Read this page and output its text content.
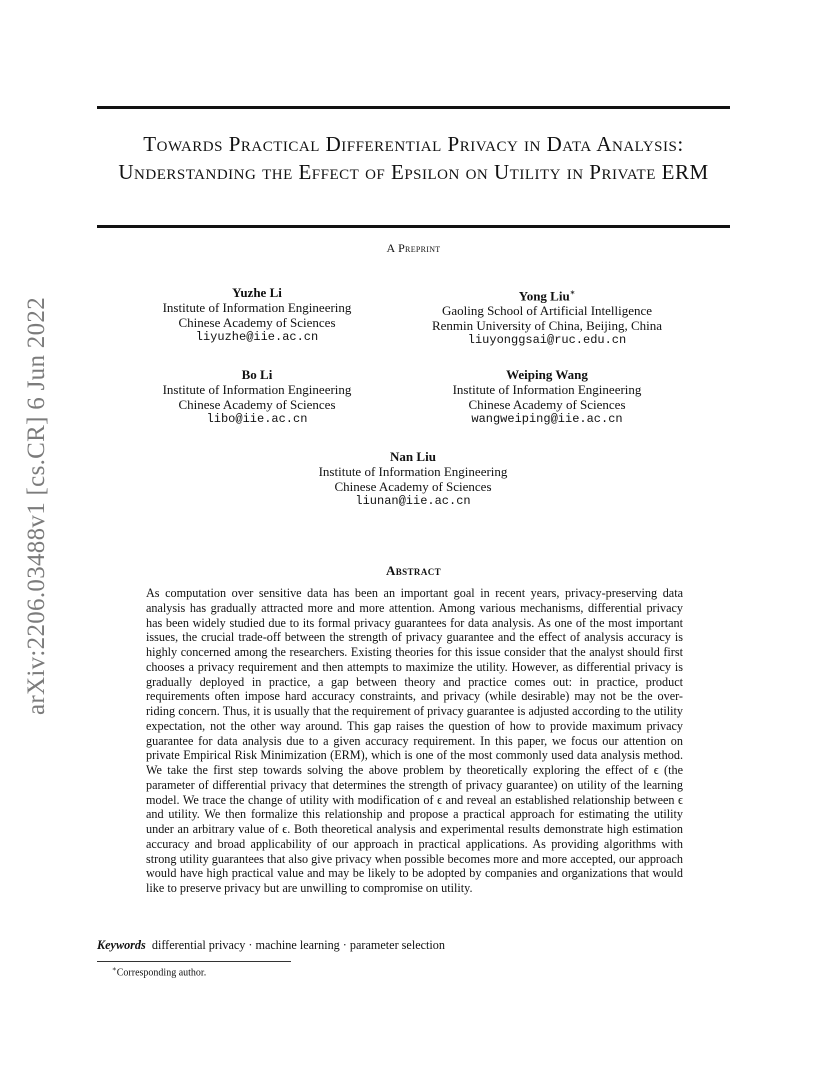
arXiv:2206.03488v1 [cs.CR] 6 Jun 2022
Towards Practical Differential Privacy in Data Analysis: Understanding the Effect of Epsilon on Utility in Private ERM
A Preprint
Yuzhe Li
Institute of Information Engineering
Chinese Academy of Sciences
liyuzhe@iie.ac.cn
Yong Liu∗
Gaoling School of Artificial Intelligence
Renmin University of China, Beijing, China
liuyonggsai@ruc.edu.cn
Bo Li
Institute of Information Engineering
Chinese Academy of Sciences
libo@iie.ac.cn
Weiping Wang
Institute of Information Engineering
Chinese Academy of Sciences
wangweiping@iie.ac.cn
Nan Liu
Institute of Information Engineering
Chinese Academy of Sciences
liunan@iie.ac.cn
Abstract

As computation over sensitive data has been an important goal in recent years, privacy-preserving data analysis has gradually attracted more and more attention. Among various mechanisms, differential privacy has been widely studied due to its formal privacy guarantees for data analysis. As one of the most important issues, the crucial trade-off between the strength of privacy guarantee and the effect of analysis accuracy is highly concerned among the researchers. Existing theories for this issue consider that the analyst should first chooses a privacy requirement and then attempts to maximize the utility. However, as differential privacy is gradually deployed in practice, a gap between theory and practice comes out: in practice, product requirements often impose hard accuracy constraints, and privacy (while desirable) may not be the over-riding concern. Thus, it is usually that the requirement of privacy guarantee is adjusted according to the utility expectation, not the other way around. This gap raises the question of how to provide maximum privacy guarantee for data analysis due to a given accuracy requirement. In this paper, we focus our attention on private Empirical Risk Minimization (ERM), which is one of the most commonly used data analysis method. We take the first step towards solving the above problem by theoretically exploring the effect of ϵ (the parameter of differential privacy that determines the strength of privacy guarantee) on utility of the learning model. We trace the change of utility with modification of ϵ and reveal an established relationship between ϵ and utility. We then formalize this relationship and propose a practical approach for estimating the utility under an arbitrary value of ϵ. Both theoretical analysis and experimental results demonstrate high estimation accuracy and broad applicability of our approach in practical applications. As providing algorithms with strong utility guarantees that also give privacy when possible becomes more and more accepted, our approach would have high practical value and may be likely to be adopted by companies and organizations that would like to preserve privacy but are unwilling to compromise on utility.

Keywords differential privacy · machine learning · parameter selection
∗Corresponding author.
